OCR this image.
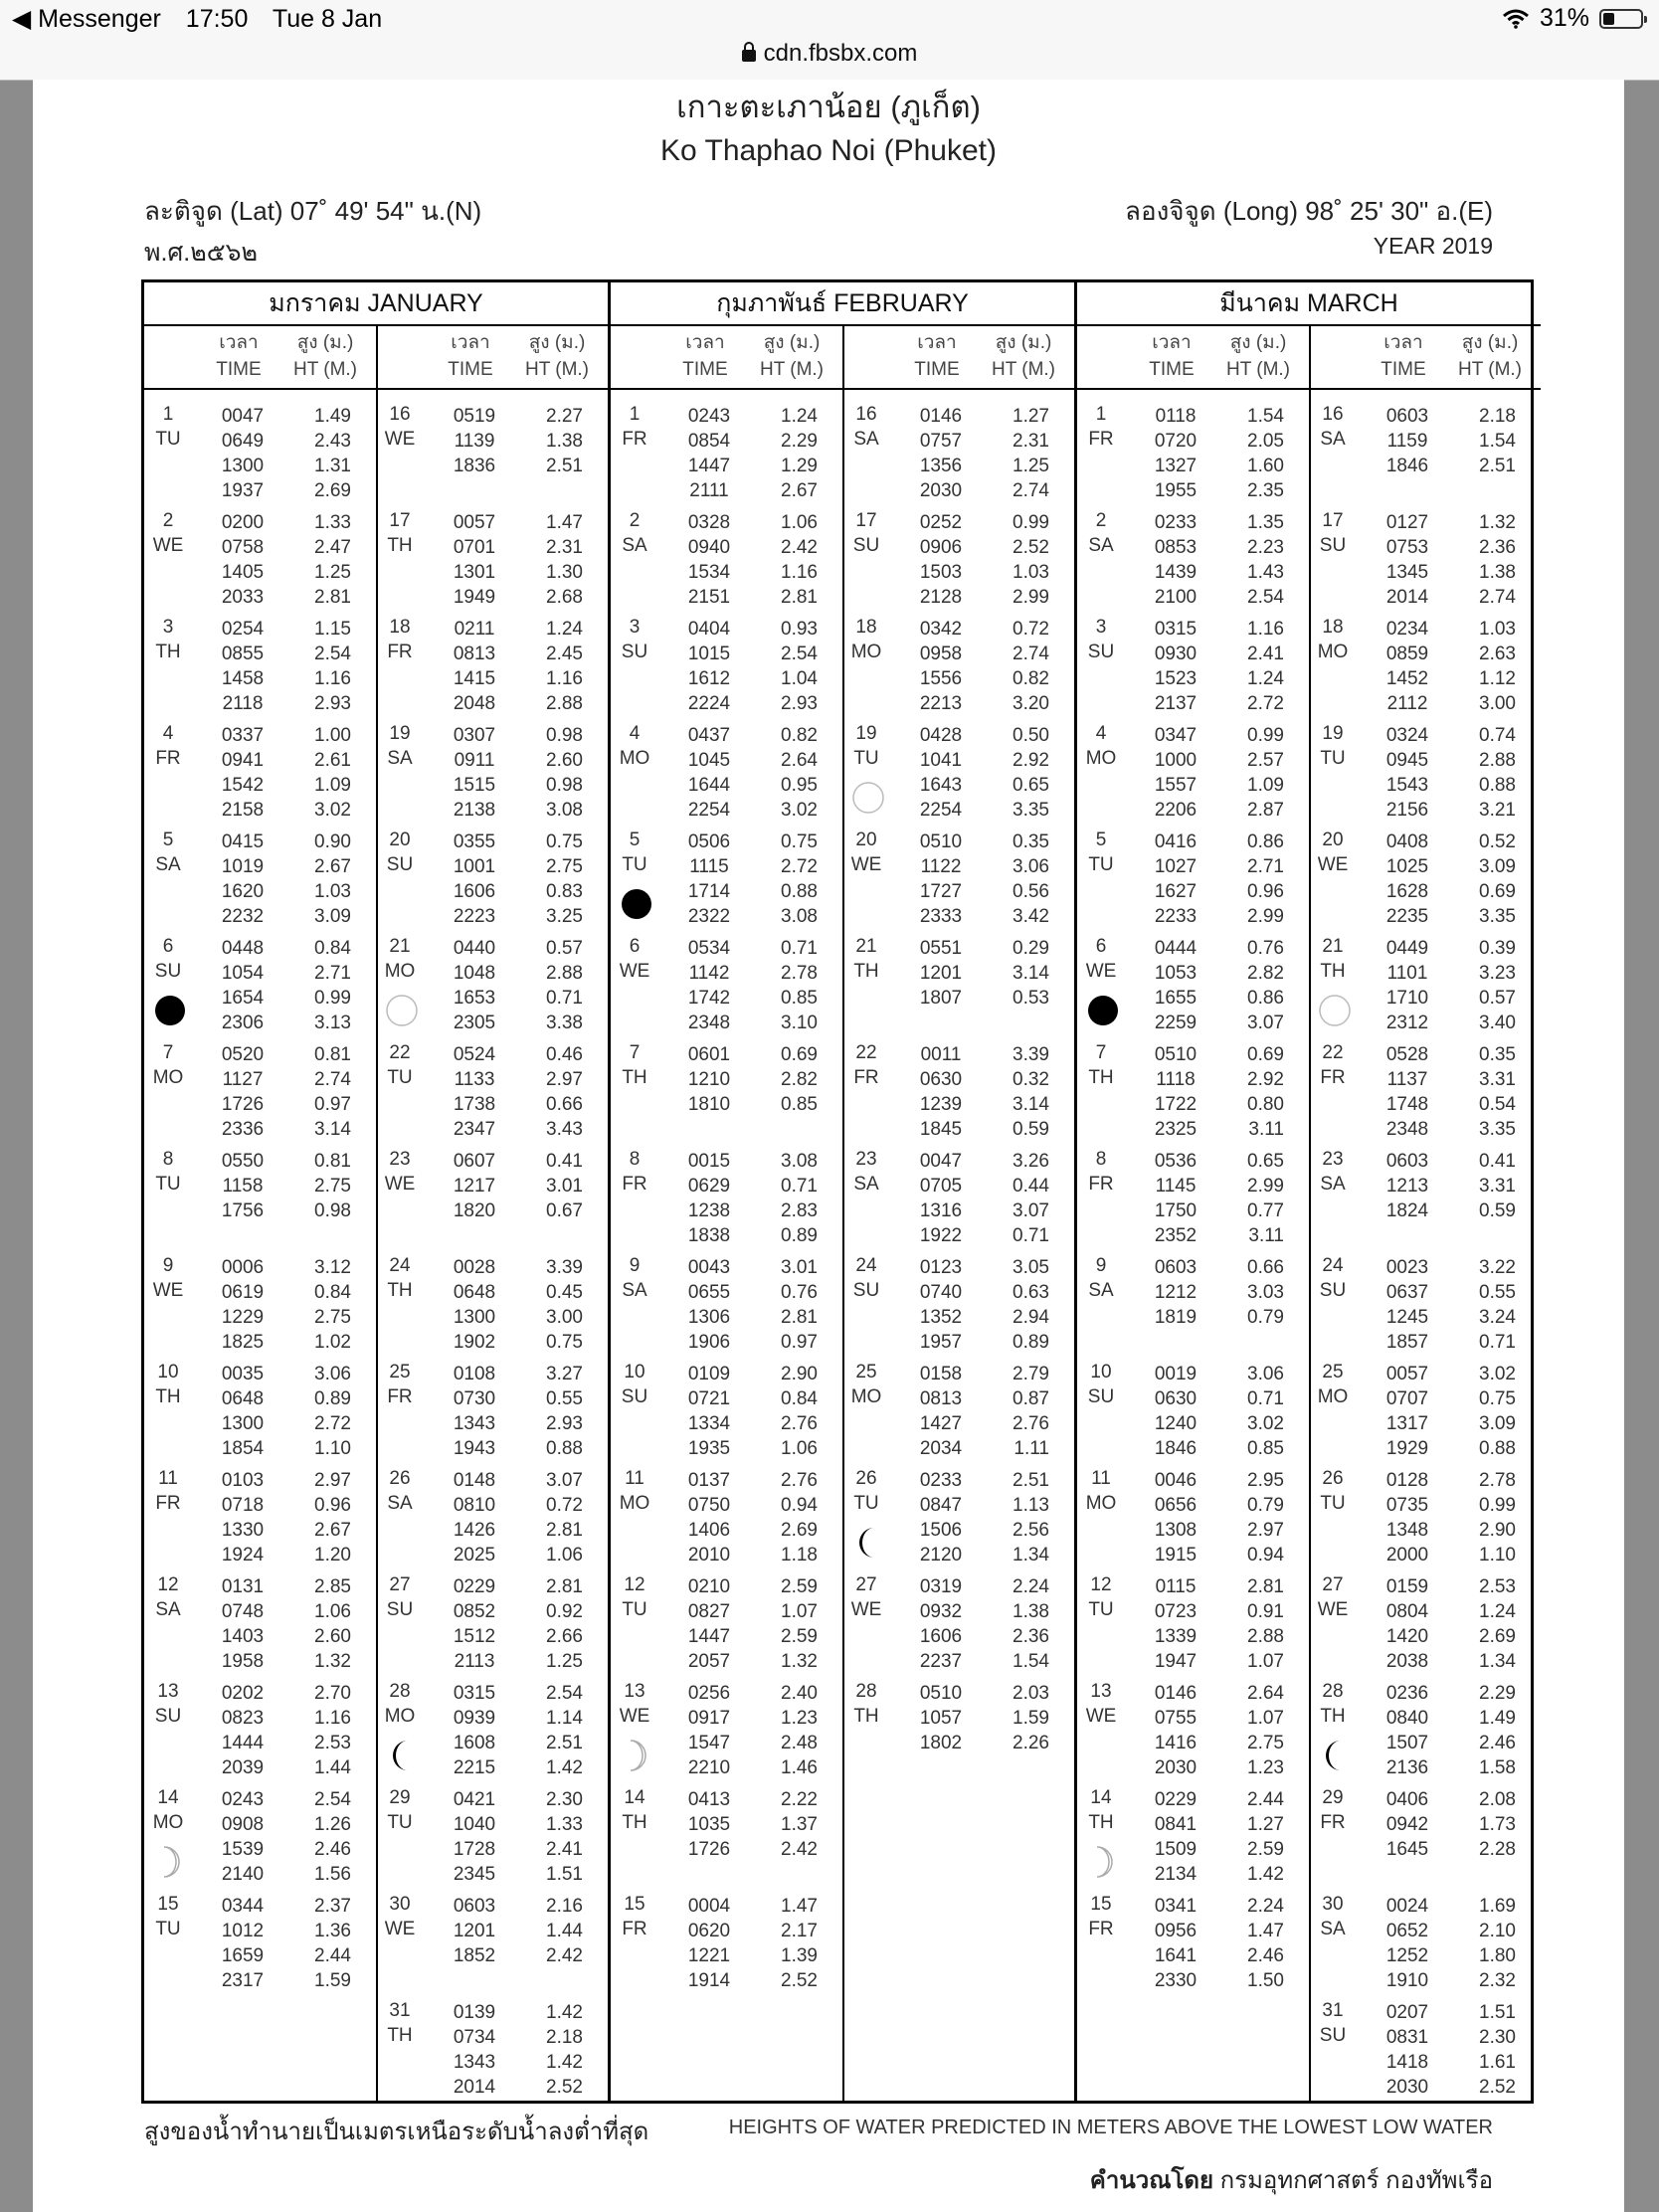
◀ Messenger 17:50 Tue 8 Jan	31%
cdn.fbsbx.com
เกาะตะเภาน้อย (ภูเก็ต)
Ko Thaphao Noi (Phuket)
ละติจูด (Lat) 07˚ 49' 54" น.(N)	ลองจิจูด (Long) 98˚ 25' 30" อ.(E)
พ.ศ.๒๕๖๒	YEAR 2019
มกราคม JANUARY
เวลา	สูง (ม.)
TIME	HT (M.)
1
TU
0047	1.49
0649	2.43
1300	1.31
1937	2.69
2
WE
0200	1.33
0758	2.47
1405	1.25
2033	2.81
3
TH
0254	1.15
0855	2.54
1458	1.16
2118	2.93
4
FR
0337	1.00
0941	2.61
1542	1.09
2158	3.02
5
SA
0415	0.90
1019	2.67
1620	1.03
2232	3.09
6
SU
0448	0.84
1054	2.71
1654	0.99
2306	3.13
7
MO
0520	0.81
1127	2.74
1726	0.97
2336	3.14
8
TU
0550	0.81
1158	2.75
1756	0.98
9
WE
0006	3.12
0619	0.84
1229	2.75
1825	1.02
10
TH
0035	3.06
0648	0.89
1300	2.72
1854	1.10
11
FR
0103	2.97
0718	0.96
1330	2.67
1924	1.20
12
SA
0131	2.85
0748	1.06
1403	2.60
1958	1.32
13
SU
0202	2.70
0823	1.16
1444	2.53
2039	1.44
14
MO
0243	2.54
0908	1.26
1539	2.46
2140	1.56
15
TU
0344	2.37
1012	1.36
1659	2.44
2317	1.59
เวลา	สูง (ม.)
TIME	HT (M.)
16
WE
0519	2.27
1139	1.38
1836	2.51
17
TH
0057	1.47
0701	2.31
1301	1.30
1949	2.68
18
FR
0211	1.24
0813	2.45
1415	1.16
2048	2.88
19
SA
0307	0.98
0911	2.60
1515	0.98
2138	3.08
20
SU
0355	0.75
1001	2.75
1606	0.83
2223	3.25
21
MO
0440	0.57
1048	2.88
1653	0.71
2305	3.38
22
TU
0524	0.46
1133	2.97
1738	0.66
2347	3.43
23
WE
0607	0.41
1217	3.01
1820	0.67
24
TH
0028	3.39
0648	0.45
1300	3.00
1902	0.75
25
FR
0108	3.27
0730	0.55
1343	2.93
1943	0.88
26
SA
0148	3.07
0810	0.72
1426	2.81
2025	1.06
27
SU
0229	2.81
0852	0.92
1512	2.66
2113	1.25
28
MO
0315	2.54
0939	1.14
1608	2.51
2215	1.42
29
TU
0421	2.30
1040	1.33
1728	2.41
2345	1.51
30
WE
0603	2.16
1201	1.44
1852	2.42
31
TH
0139	1.42
0734	2.18
1343	1.42
2014	2.52
กุมภาพันธ์ FEBRUARY
เวลา	สูง (ม.)
TIME	HT (M.)
1
FR
0243	1.24
0854	2.29
1447	1.29
2111	2.67
2
SA
0328	1.06
0940	2.42
1534	1.16
2151	2.81
3
SU
0404	0.93
1015	2.54
1612	1.04
2224	2.93
4
MO
0437	0.82
1045	2.64
1644	0.95
2254	3.02
5
TU
0506	0.75
1115	2.72
1714	0.88
2322	3.08
6
WE
0534	0.71
1142	2.78
1742	0.85
2348	3.10
7
TH
0601	0.69
1210	2.82
1810	0.85
8
FR
0015	3.08
0629	0.71
1238	2.83
1838	0.89
9
SA
0043	3.01
0655	0.76
1306	2.81
1906	0.97
10
SU
0109	2.90
0721	0.84
1334	2.76
1935	1.06
11
MO
0137	2.76
0750	0.94
1406	2.69
2010	1.18
12
TU
0210	2.59
0827	1.07
1447	2.59
2057	1.32
13
WE
0256	2.40
0917	1.23
1547	2.48
2210	1.46
14
TH
0413	2.22
1035	1.37
1726	2.42
15
FR
0004	1.47
0620	2.17
1221	1.39
1914	2.52
เวลา	สูง (ม.)
TIME	HT (M.)
16
SA
0146	1.27
0757	2.31
1356	1.25
2030	2.74
17
SU
0252	0.99
0906	2.52
1503	1.03
2128	2.99
18
MO
0342	0.72
0958	2.74
1556	0.82
2213	3.20
19
TU
0428	0.50
1041	2.92
1643	0.65
2254	3.35
20
WE
0510	0.35
1122	3.06
1727	0.56
2333	3.42
21
TH
0551	0.29
1201	3.14
1807	0.53
22
FR
0011	3.39
0630	0.32
1239	3.14
1845	0.59
23
SA
0047	3.26
0705	0.44
1316	3.07
1922	0.71
24
SU
0123	3.05
0740	0.63
1352	2.94
1957	0.89
25
MO
0158	2.79
0813	0.87
1427	2.76
2034	1.11
26
TU
0233	2.51
0847	1.13
1506	2.56
2120	1.34
27
WE
0319	2.24
0932	1.38
1606	2.36
2237	1.54
28
TH
0510	2.03
1057	1.59
1802	2.26
มีนาคม MARCH
เวลา	สูง (ม.)
TIME	HT (M.)
1
FR
0118	1.54
0720	2.05
1327	1.60
1955	2.35
2
SA
0233	1.35
0853	2.23
1439	1.43
2100	2.54
3
SU
0315	1.16
0930	2.41
1523	1.24
2137	2.72
4
MO
0347	0.99
1000	2.57
1557	1.09
2206	2.87
5
TU
0416	0.86
1027	2.71
1627	0.96
2233	2.99
6
WE
0444	0.76
1053	2.82
1655	0.86
2259	3.07
7
TH
0510	0.69
1118	2.92
1722	0.80
2325	3.11
8
FR
0536	0.65
1145	2.99
1750	0.77
2352	3.11
9
SA
0603	0.66
1212	3.03
1819	0.79
10
SU
0019	3.06
0630	0.71
1240	3.02
1846	0.85
11
MO
0046	2.95
0656	0.79
1308	2.97
1915	0.94
12
TU
0115	2.81
0723	0.91
1339	2.88
1947	1.07
13
WE
0146	2.64
0755	1.07
1416	2.75
2030	1.23
14
TH
0229	2.44
0841	1.27
1509	2.59
2134	1.42
15
FR
0341	2.24
0956	1.47
1641	2.46
2330	1.50
เวลา	สูง (ม.)
TIME	HT (M.)
16
SA
0603	2.18
1159	1.54
1846	2.51
17
SU
0127	1.32
0753	2.36
1345	1.38
2014	2.74
18
MO
0234	1.03
0859	2.63
1452	1.12
2112	3.00
19
TU
0324	0.74
0945	2.88
1543	0.88
2156	3.21
20
WE
0408	0.52
1025	3.09
1628	0.69
2235	3.35
21
TH
0449	0.39
1101	3.23
1710	0.57
2312	3.40
22
FR
0528	0.35
1137	3.31
1748	0.54
2348	3.35
23
SA
0603	0.41
1213	3.31
1824	0.59
24
SU
0023	3.22
0637	0.55
1245	3.24
1857	0.71
25
MO
0057	3.02
0707	0.75
1317	3.09
1929	0.88
26
TU
0128	2.78
0735	0.99
1348	2.90
2000	1.10
27
WE
0159	2.53
0804	1.24
1420	2.69
2038	1.34
28
TH
0236	2.29
0840	1.49
1507	2.46
2136	1.58
29
FR
0406	2.08
0942	1.73
1645	2.28
30
SA
0024	1.69
0652	2.10
1252	1.80
1910	2.32
31
SU
0207	1.51
0831	2.30
1418	1.61
2030	2.52
สูงของน้ำทำนายเป็นเมตรเหนือระดับน้ำลงต่ำที่สุด	HEIGHTS OF WATER PREDICTED IN METERS ABOVE THE LOWEST LOW WATER
คำนวณโดย กรมอุทกศาสตร์ กองทัพเรือ
